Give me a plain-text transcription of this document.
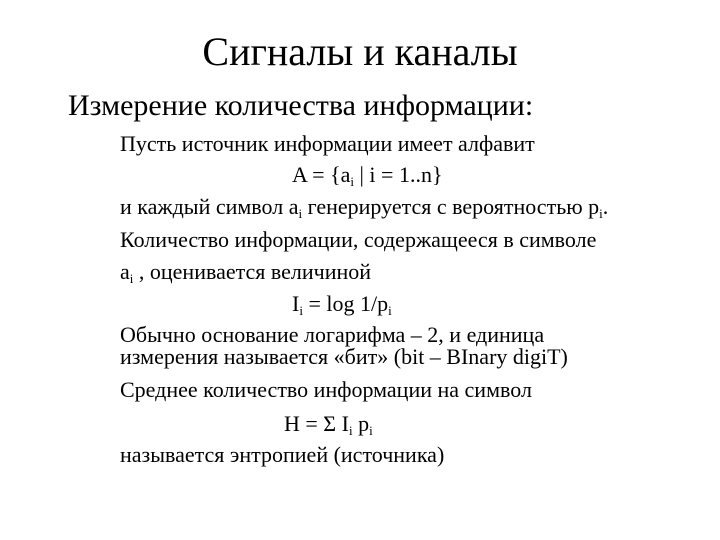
Сигналы и каналы
Измерение количества информации:
Пусть источник информации имеет алфавит
$A = \{a_i$ | i = 1..n}
и каждый символ $a_i$ генерируется с вероятностью $p_i$.
Количество информации, содержащееся в символе
$a_i$ , оценивается величиной
$I_i = \log 1/p_i$
Обычно основание логарифма – 2, и единица
измерения называется «бит» (bit – BInary digiT)
Среднее количество информации на символ
H = Σ $I_i$ $p_i$
называется энтропией (источника)
